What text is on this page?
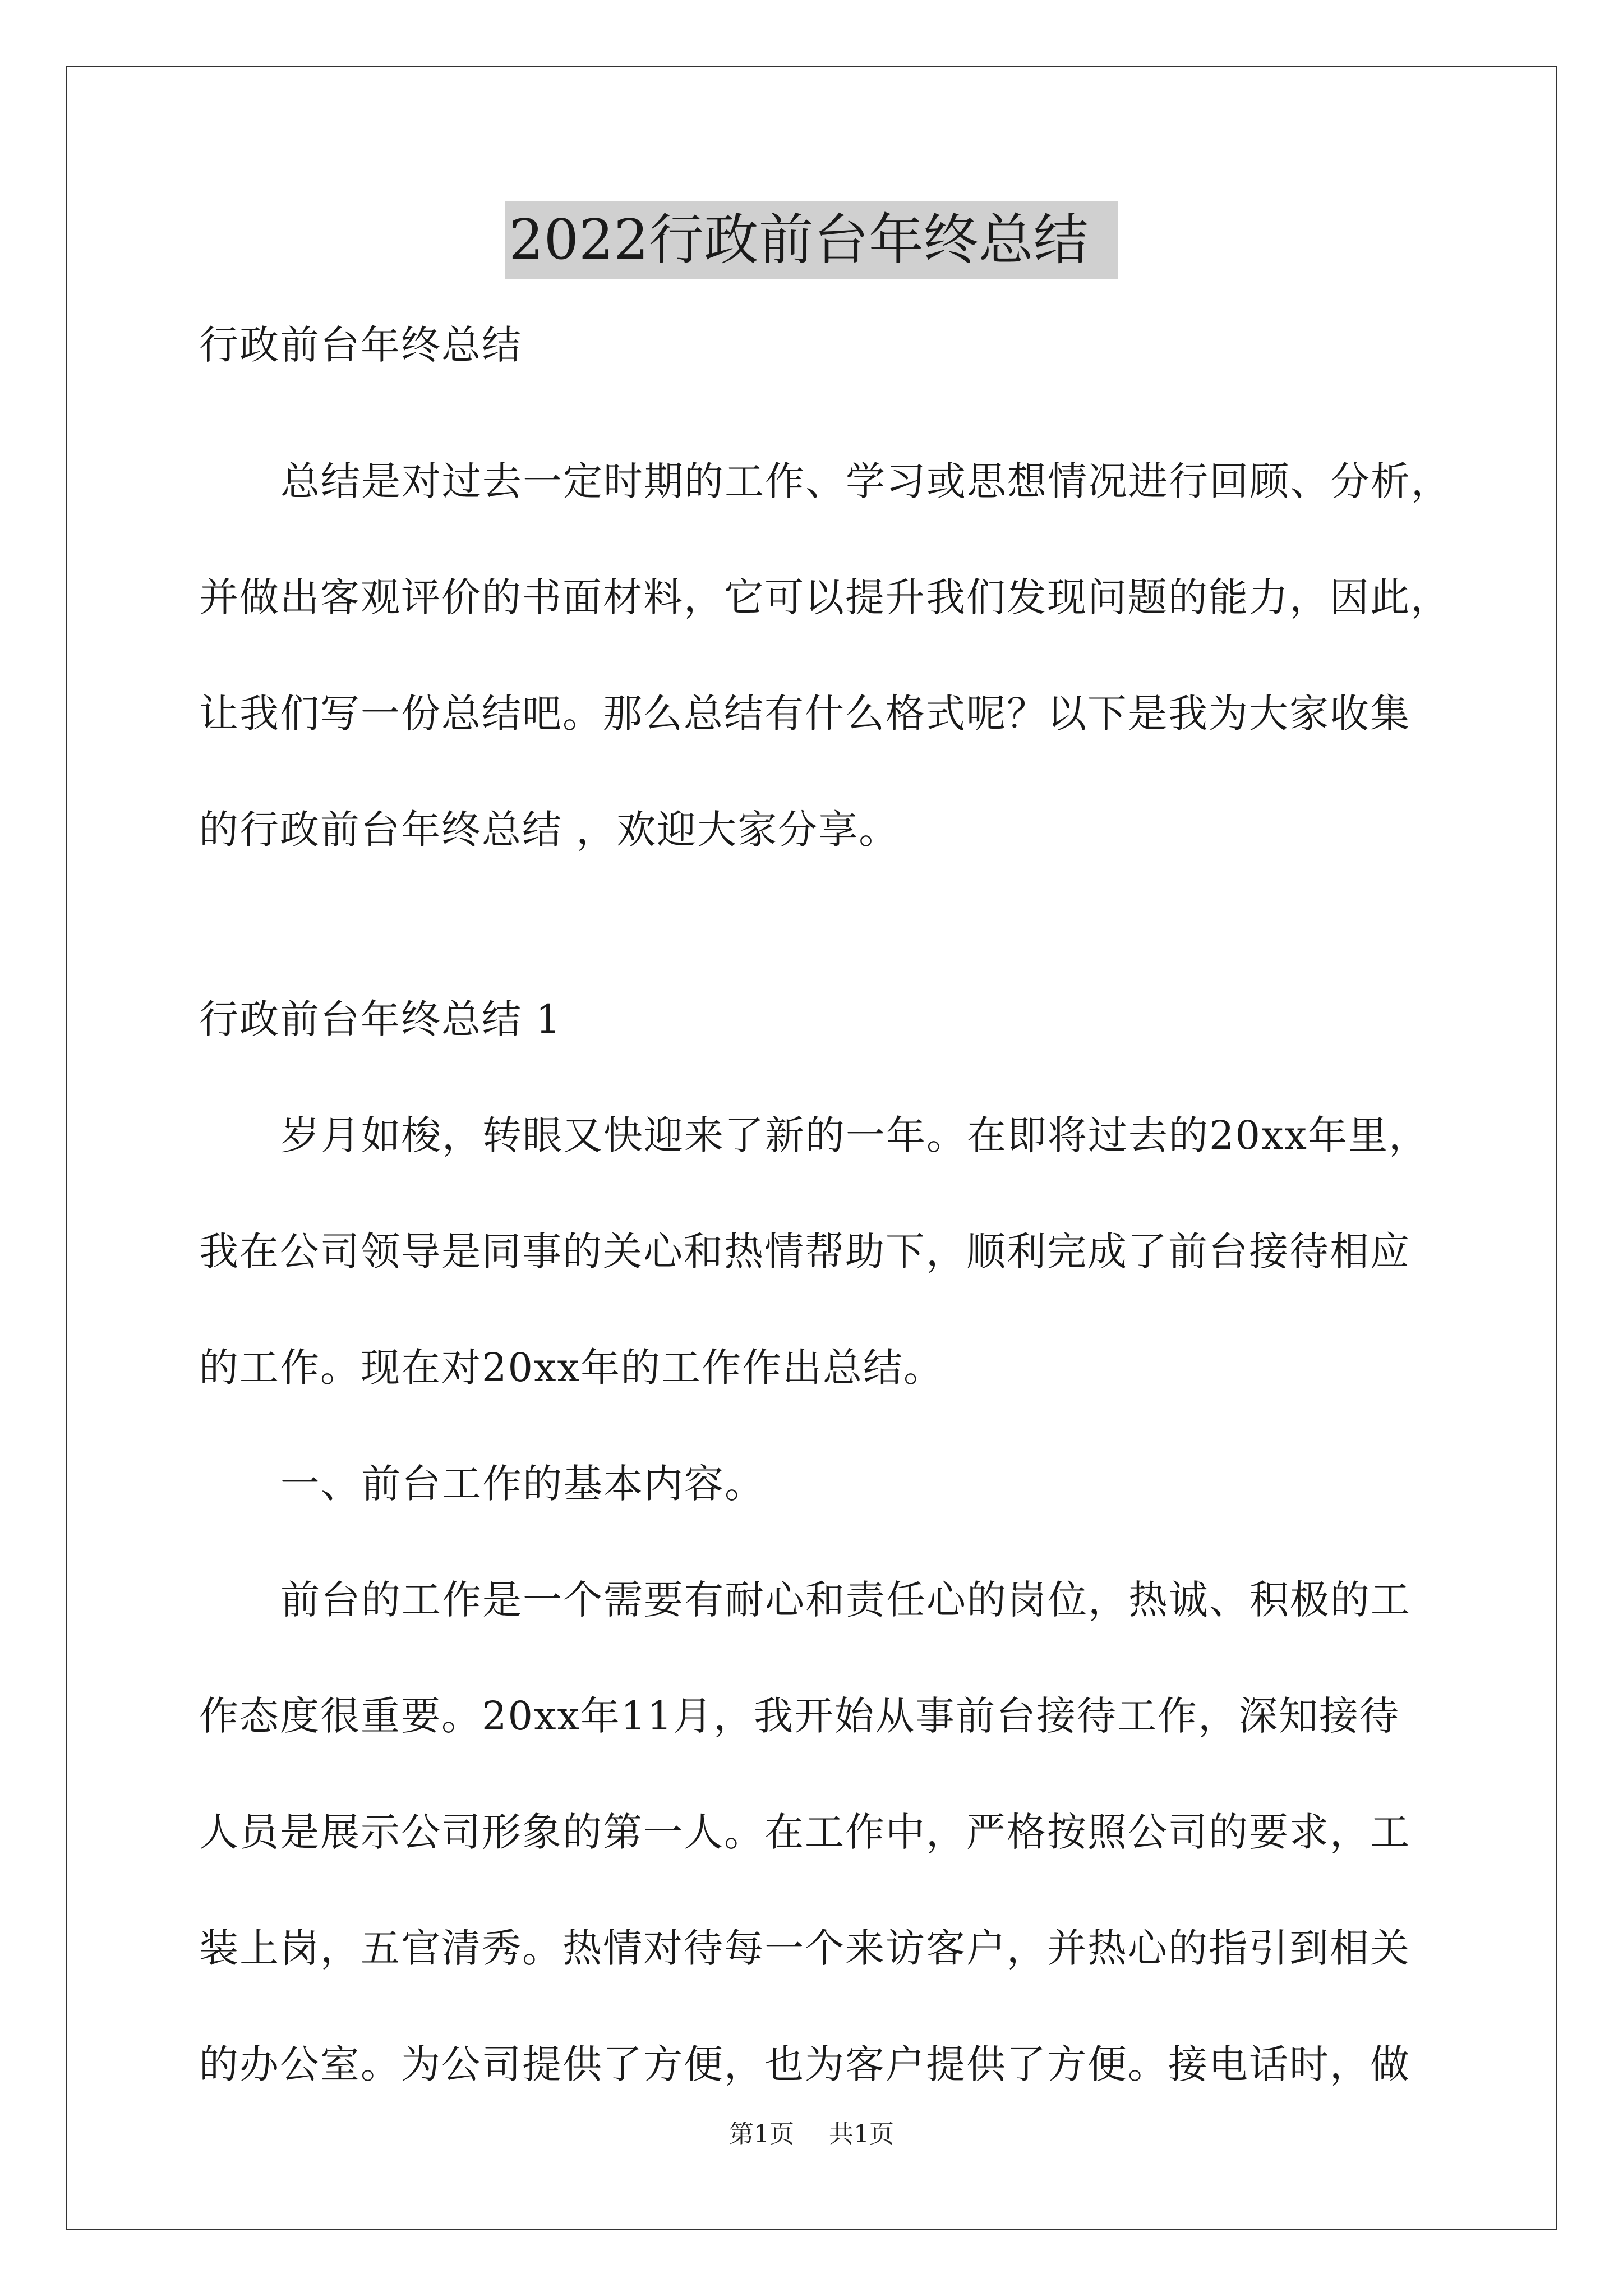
2022行政前台年终总结
行政前台年终总结
总结是对过去一定时期的工作、学习或思想情况进行回顾、分析，
并做出客观评价的书面材料，它可以提升我们发现问题的能力，因此，
让我们写一份总结吧。那么总结有什么格式呢？以下是我为大家收集
的行政前台年终总结 ，欢迎大家分享。
行政前台年终总结 1
岁月如梭，转眼又快迎来了新的一年。在即将过去的20xx年里，
我在公司领导是同事的关心和热情帮助下，顺利完成了前台接待相应
的工作。现在对20xx年的工作作出总结。
一、前台工作的基本内容。
前台的工作是一个需要有耐心和责任心的岗位，热诚、积极的工
作态度很重要。20xx年11月，我开始从事前台接待工作，深知接待
人员是展示公司形象的第一人。在工作中，严格按照公司的要求，工
装上岗，五官清秀。热情对待每一个来访客户，并热心的指引到相关
的办公室。为公司提供了方便，也为客户提供了方便。接电话时，做
第1页 共1页
